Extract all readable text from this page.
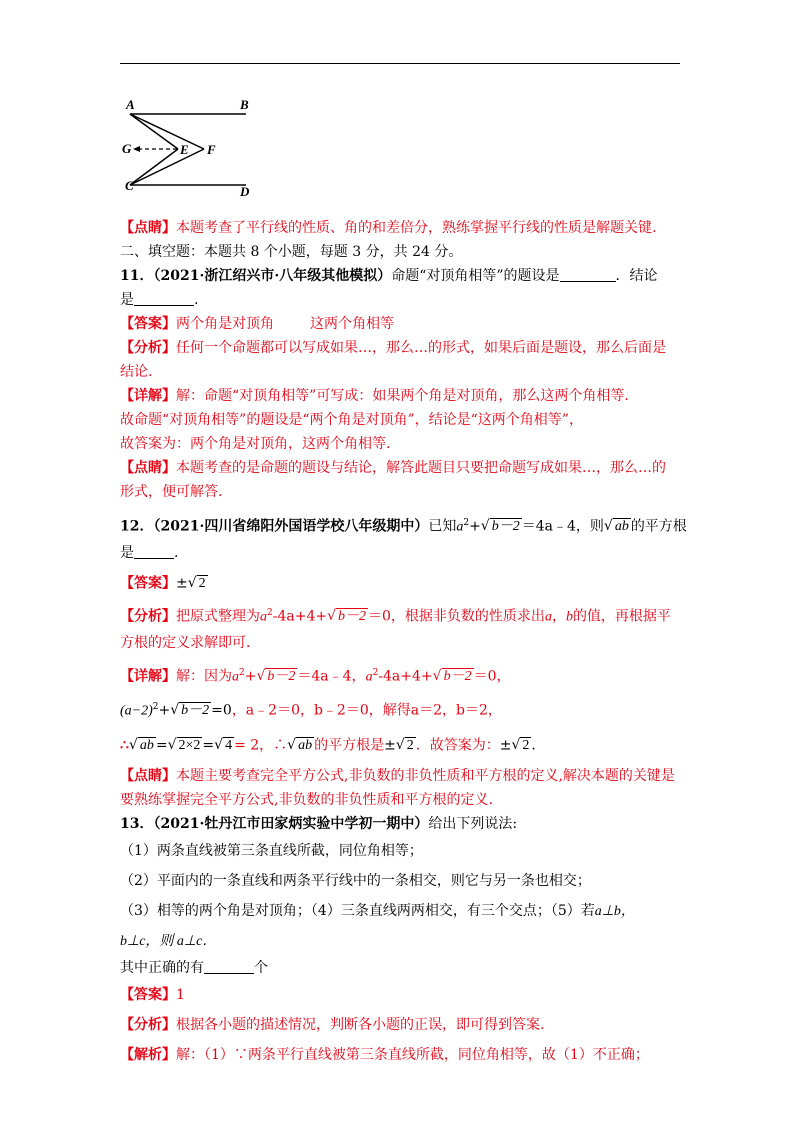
A	B
G	E F
C	D
【点睛】本题考查了平行线的性质、角的和差倍分，熟练掌握平行线的性质是解题关键.
二、填空题：本题共 8 个小题，每题 3 分，共 24 分。
11．（2021·浙江绍兴市·八年级其他模拟）命题“对顶角相等”的题设是	．结论
是	.
【答案】两个角是对顶角	这两个角相等
【分析】任何一个命题都可以写成如果…，那么…的形式，如果后面是题设，那么后面是
结论.
【详解】解：命题“对顶角相等”可写成：如果两个角是对顶角，那么这两个角相等.
故命题“对顶角相等”的题设是“两个角是对顶角”，结论是“这两个角相等”，
故答案为：两个角是对顶角，这两个角相等.
【点睛】本题考查的是命题的题设与结论，解答此题目只要把命题写成如果…，那么…的
形式，便可解答.
12．（2021·四川省绵阳外国语学校八年级期中）已知$a^2+√$ b－2 ＝4a﹣4，则√ ab 的平方根
是	.
【答案】±√ 2
【分析】把原式整理为$a^2-4a+4+√$ b－2 ＝0，根据非负数的性质求出a，b的值，再根据平
方根的定义求解即可.
【详解】解：因为$a^2+√$ b－2 ＝4a﹣4，$a^2-4a+4+√$ b－2 ＝0，
$(a-2)^2+√$ b－2 =0，a﹣2＝0，b﹣2＝0，解得a＝2，b＝2，
∴√ ab =√ 2×2 =√ 4 = 2，∴√ ab 的平方根是±√ 2 ．故答案为：±√ 2 .
【点睛】本题主要考查完全平方公式,非负数的非负性质和平方根的定义,解决本题的关键是
要熟练掌握完全平方公式,非负数的非负性质和平方根的定义.
13．（2021·牡丹江市田家炳实验中学初一期中）给出下列说法:
（1）两条直线被第三条直线所截，同位角相等；
（2）平面内的一条直线和两条平行线中的一条相交，则它与另一条也相交；
（3）相等的两个角是对顶角；（4）三条直线两两相交，有三个交点；（5）若a⊥b，
b⊥c，则 a⊥c．
其中正确的有	个
【答案】1
【分析】根据各小题的描述情况，判断各小题的正误，即可得到答案.
【解析】解：（1）∵两条平行直线被第三条直线所截，同位角相等，故（1）不正确；
